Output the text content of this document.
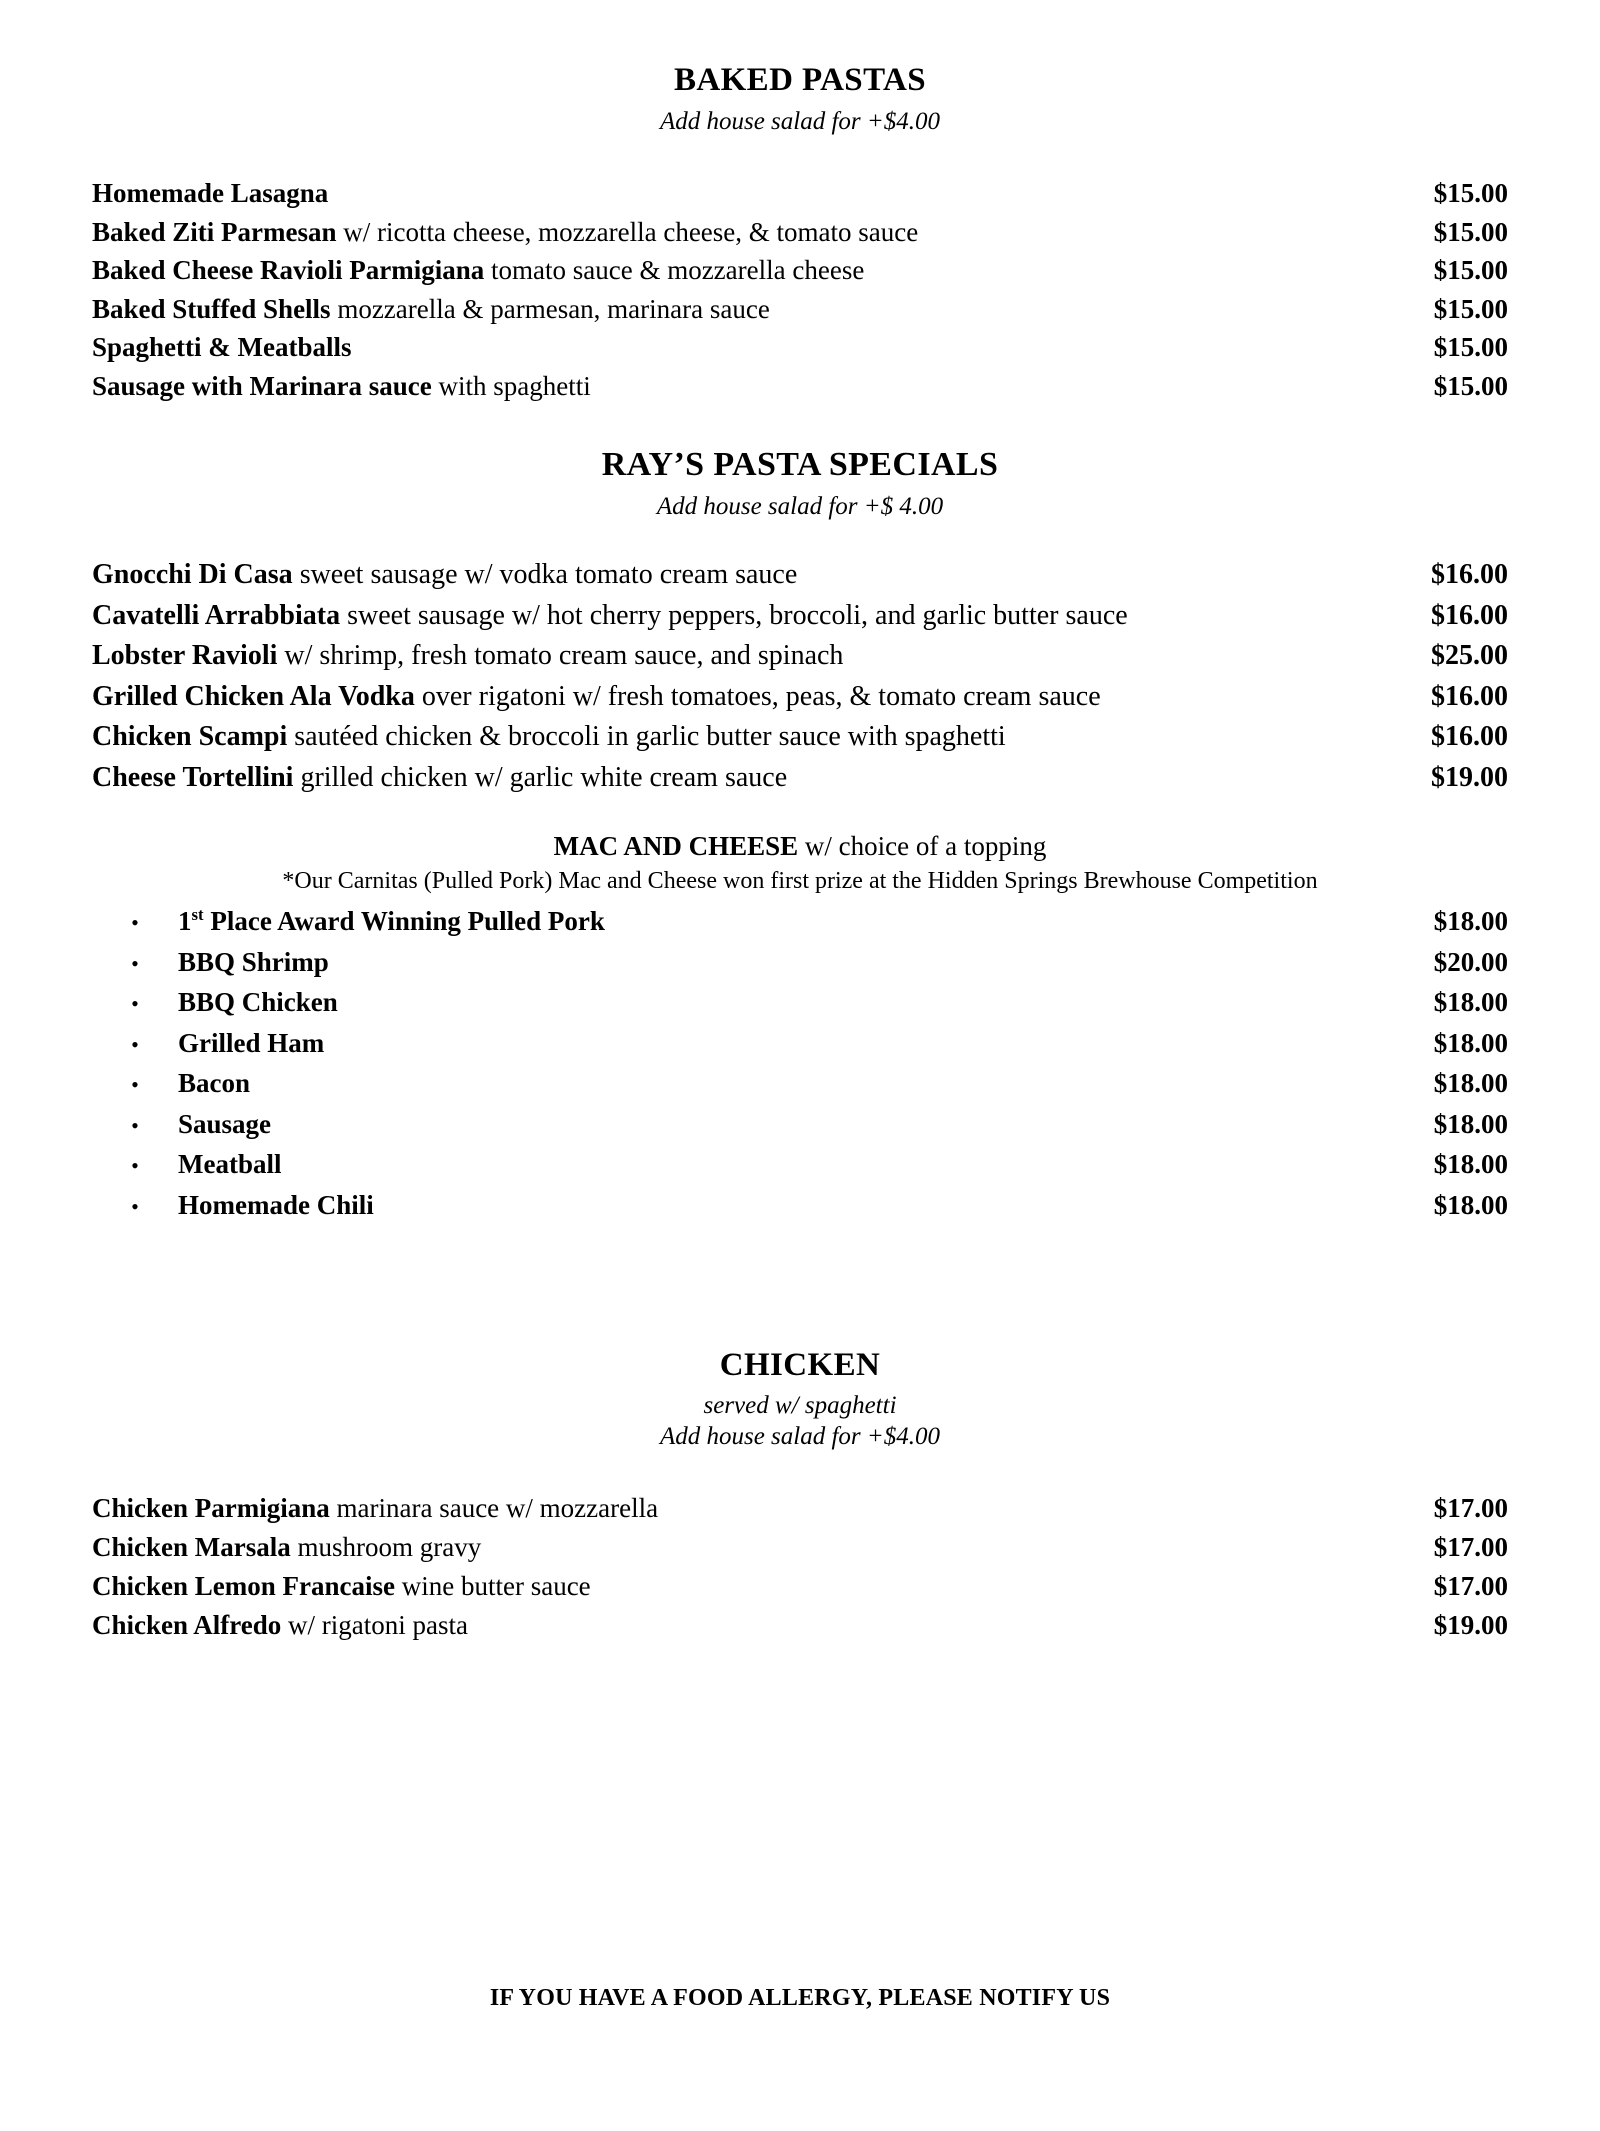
BAKED PASTAS
Add house salad for +$4.00
Homemade Lasagna	$15.00
Baked Ziti Parmesan w/ ricotta cheese, mozzarella cheese, & tomato sauce	$15.00
Baked Cheese Ravioli Parmigiana tomato sauce & mozzarella cheese	$15.00
Baked Stuffed Shells mozzarella & parmesan, marinara sauce	$15.00
Spaghetti & Meatballs	$15.00
Sausage with Marinara sauce with spaghetti	$15.00
RAY’S PASTA SPECIALS
Add house salad for +$ 4.00
Gnocchi Di Casa sweet sausage w/ vodka tomato cream sauce	$16.00
Cavatelli Arrabbiata sweet sausage w/ hot cherry peppers, broccoli, and garlic butter sauce	$16.00
Lobster Ravioli w/ shrimp, fresh tomato cream sauce, and spinach	$25.00
Grilled Chicken Ala Vodka over rigatoni w/ fresh tomatoes, peas, & tomato cream sauce	$16.00
Chicken Scampi sautéed chicken & broccoli in garlic butter sauce with spaghetti	$16.00
Cheese Tortellini grilled chicken w/ garlic white cream sauce	$19.00
MAC AND CHEESE w/ choice of a topping
*Our Carnitas (Pulled Pork) Mac and Cheese won first prize at the Hidden Springs Brewhouse Competition
•	1st Place Award Winning Pulled Pork	$18.00
•	BBQ Shrimp	$20.00
•	BBQ Chicken	$18.00
•	Grilled Ham	$18.00
•	Bacon	$18.00
•	Sausage	$18.00
•	Meatball	$18.00
•	Homemade Chili	$18.00
CHICKEN
served w/ spaghetti
Add house salad for +$4.00
Chicken Parmigiana marinara sauce w/ mozzarella	$17.00
Chicken Marsala mushroom gravy	$17.00
Chicken Lemon Francaise wine butter sauce	$17.00
Chicken Alfredo w/ rigatoni pasta	$19.00
IF YOU HAVE A FOOD ALLERGY, PLEASE NOTIFY US
